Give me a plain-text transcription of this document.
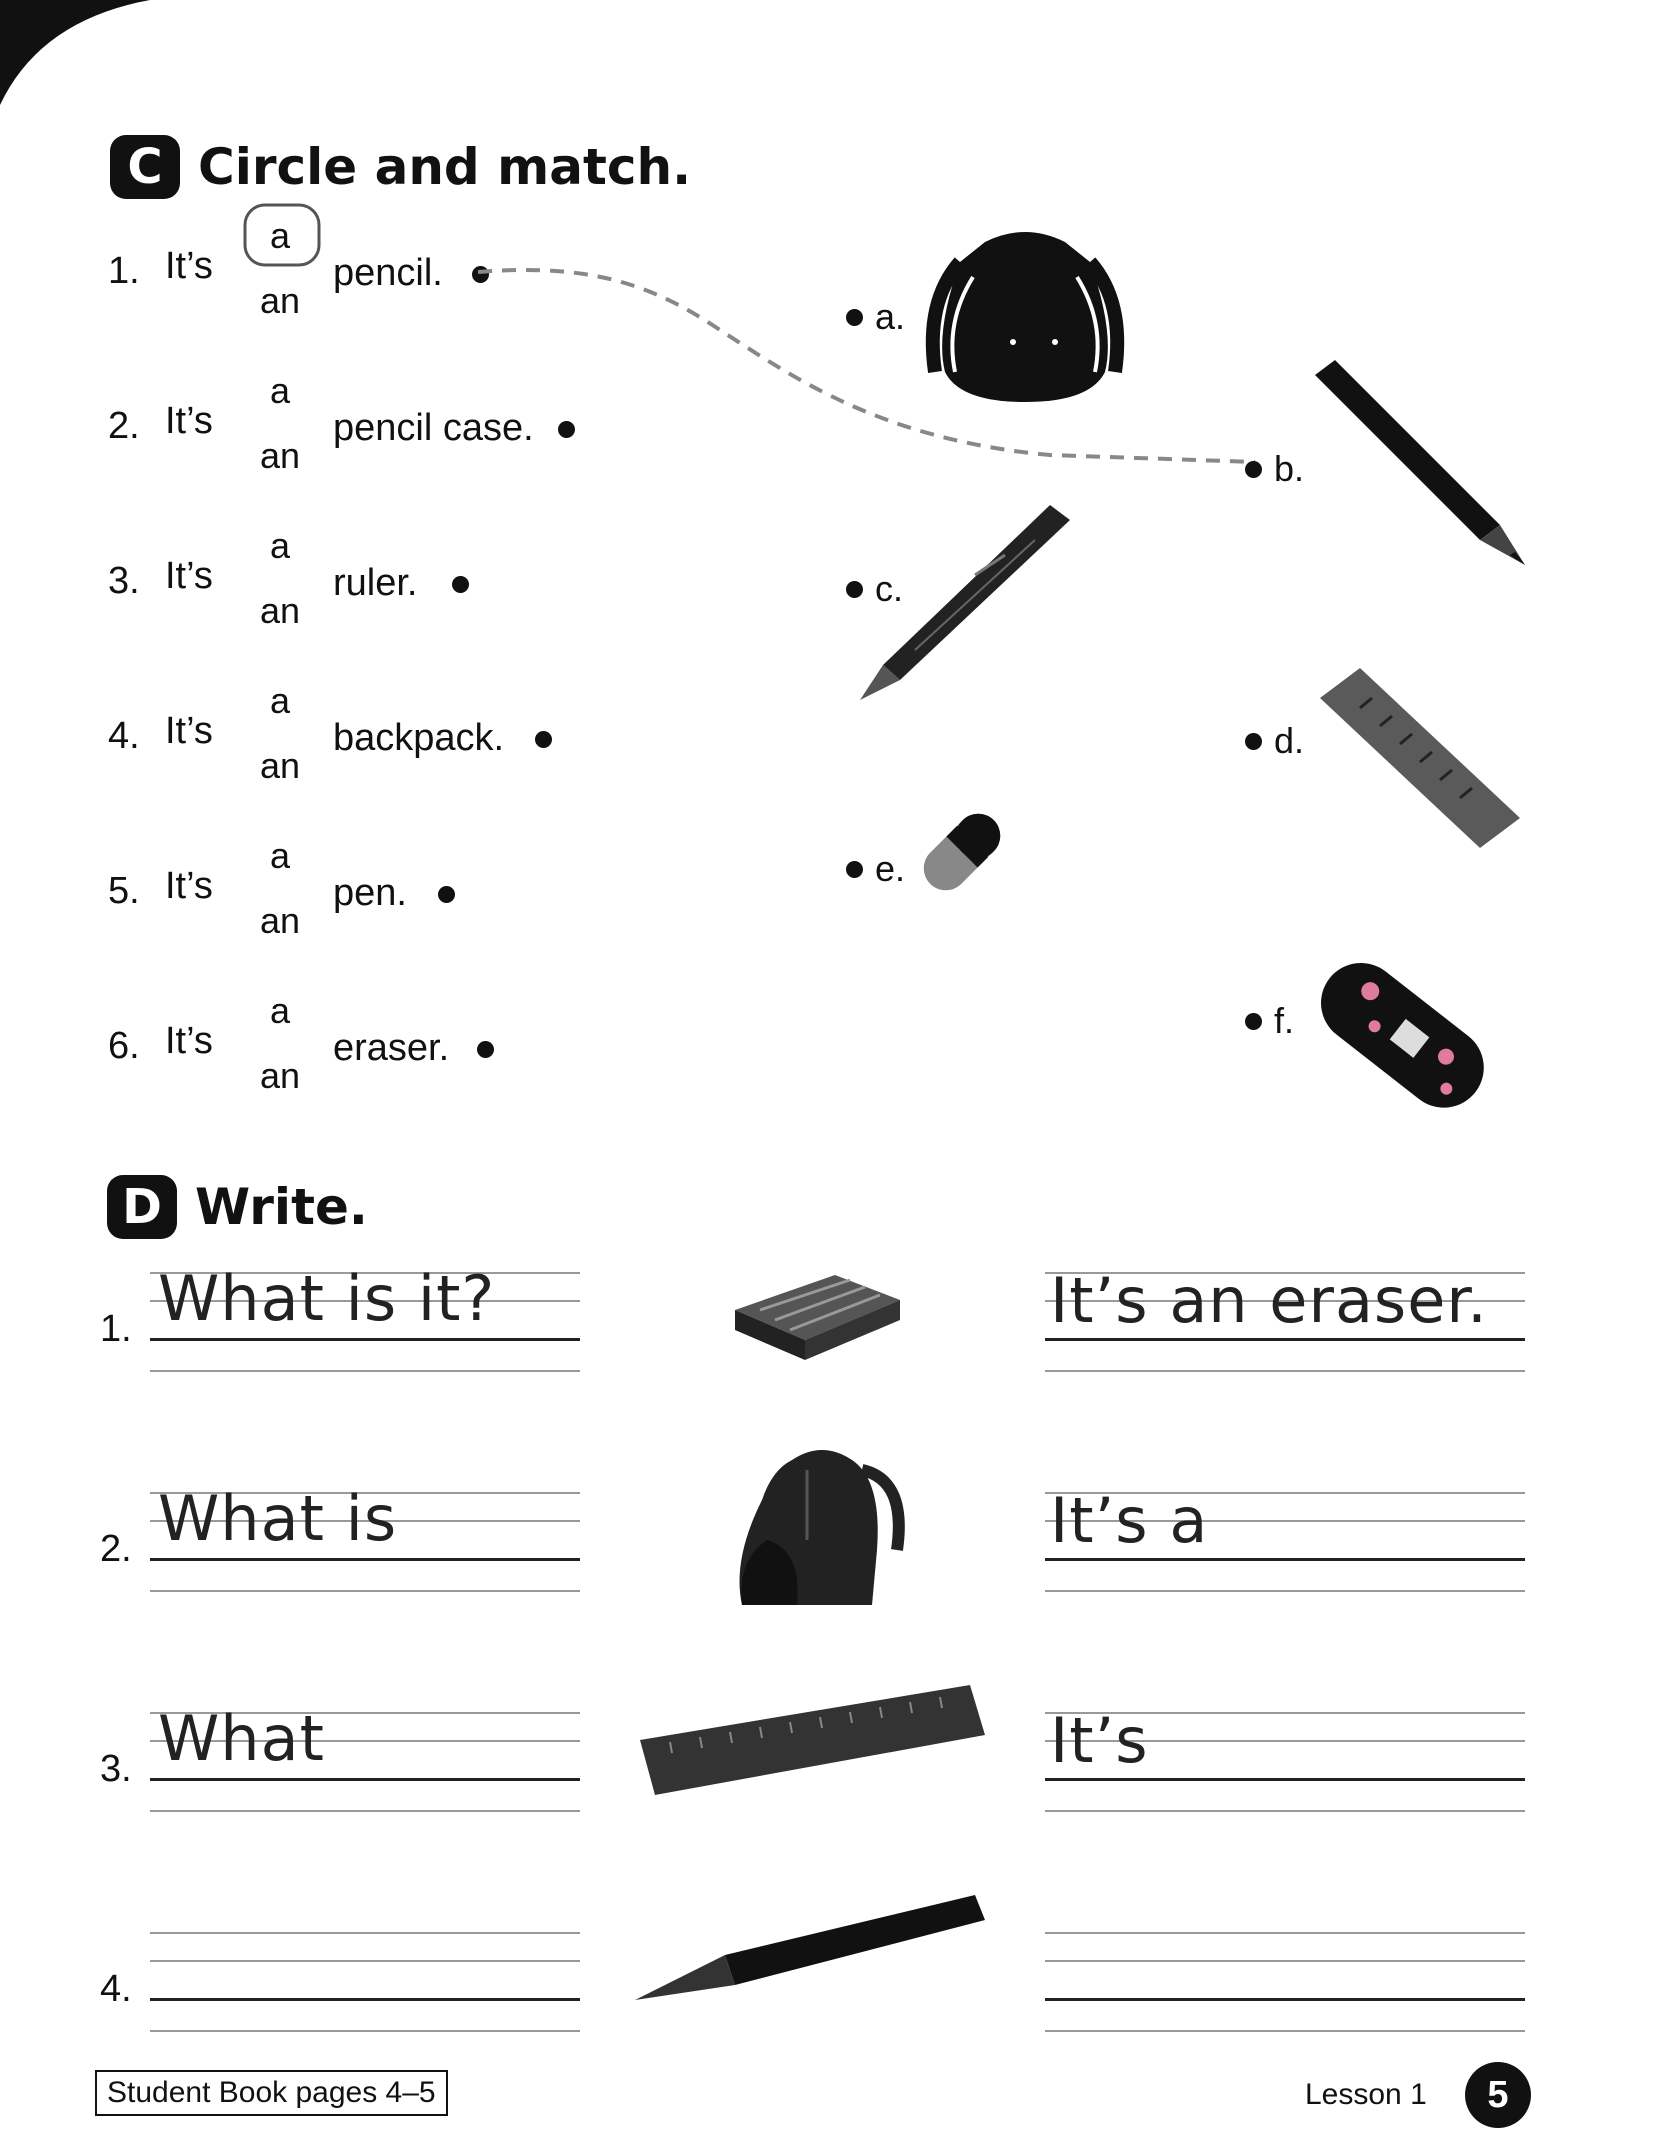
C Circle and match.
1. It’s
a
an
pencil.
2. It’s
a
an
pencil case.
3. It’s
a
an
ruler.
4. It’s
a
an
backpack.
5. It’s
a
an
pen.
6. It’s
a
an
eraser.
a.
b.
c.
d.
e.
f.
D Write.
1. What is it?	It’s an eraser.
2. What is	It’s a
3. What	It’s
4.
Student Book pages 4–5	Lesson 1	5
